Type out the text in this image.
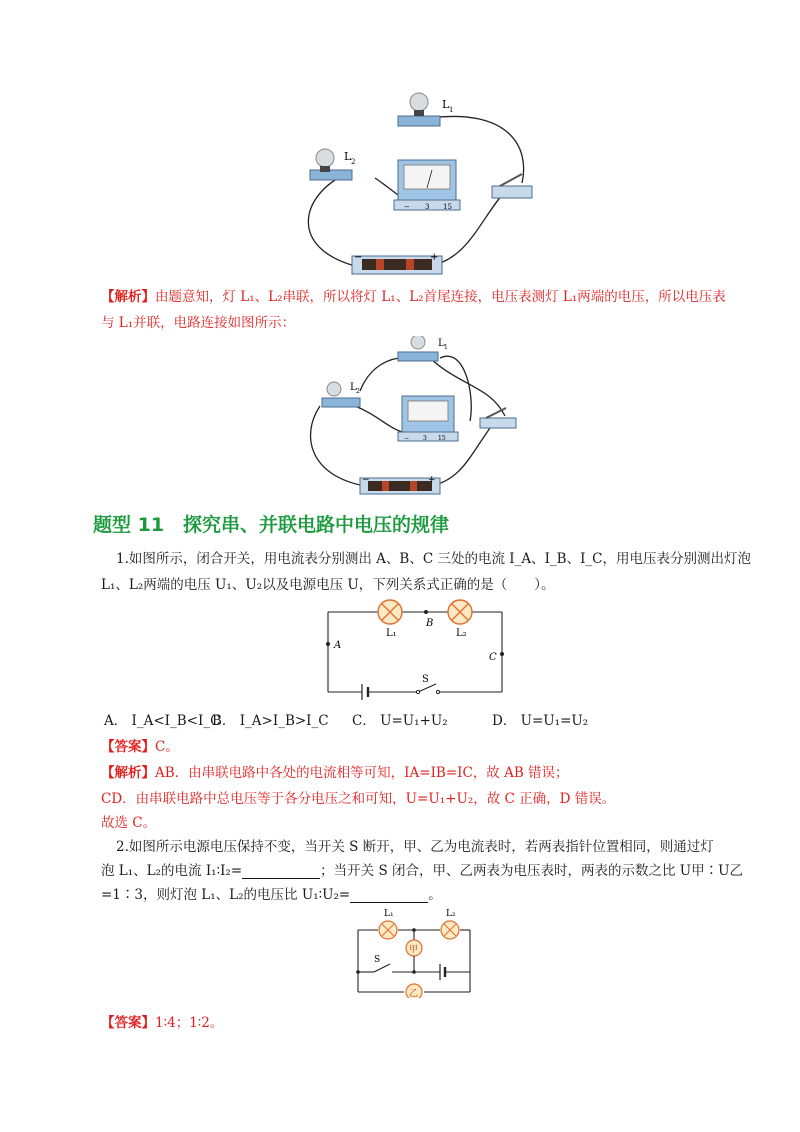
L 1
L 2
− 3 15
−	+
【解析】由题意知，灯 L₁、L₂串联，所以将灯 L₁、L₂首尾连接，电压表测灯 L₁两端的电压，所以电压表
与 L₁并联，电路连接如图所示：
L 1
L 2
− 3 15
−	+
题型 11　探究串、并联电路中电压的规律
1.如图所示，闭合开关，用电流表分别测出 A、B、C 三处的电流 I_A、I_B、I_C，用电压表分别测出灯泡
L₁、L₂两端的电压 U₁、U₂以及电源电压 U，下列关系式正确的是（　　）。
L₁	L₂
B
A
C
S
A． I_A<I_B<I_C
B． I_A>I_B>I_C C． U=U₁+U₂	D． U=U₁=U₂
【答案】C。
【解析】AB．由串联电路中各处的电流相等可知，IA=IB=IC，故 AB 错误；
CD．由串联电路中总电压等于各分电压之和可知，U=U₁+U₂，故 C 正确，D 错误。
故选 C。
2.如图所示电源电压保持不变，当开关 S 断开，甲、乙为电流表时，若两表指针位置相同，则通过灯
泡 L₁、L₂的电流 I₁∶I₂=	；当开关 S 闭合，甲、乙两表为电压表时，两表的示数之比 U甲∶U乙
=1∶3，则灯泡 L₁、L₂的电压比 U₁∶U₂=	。
甲
乙
L₁	L₂
S
【答案】1∶4；1∶2。
